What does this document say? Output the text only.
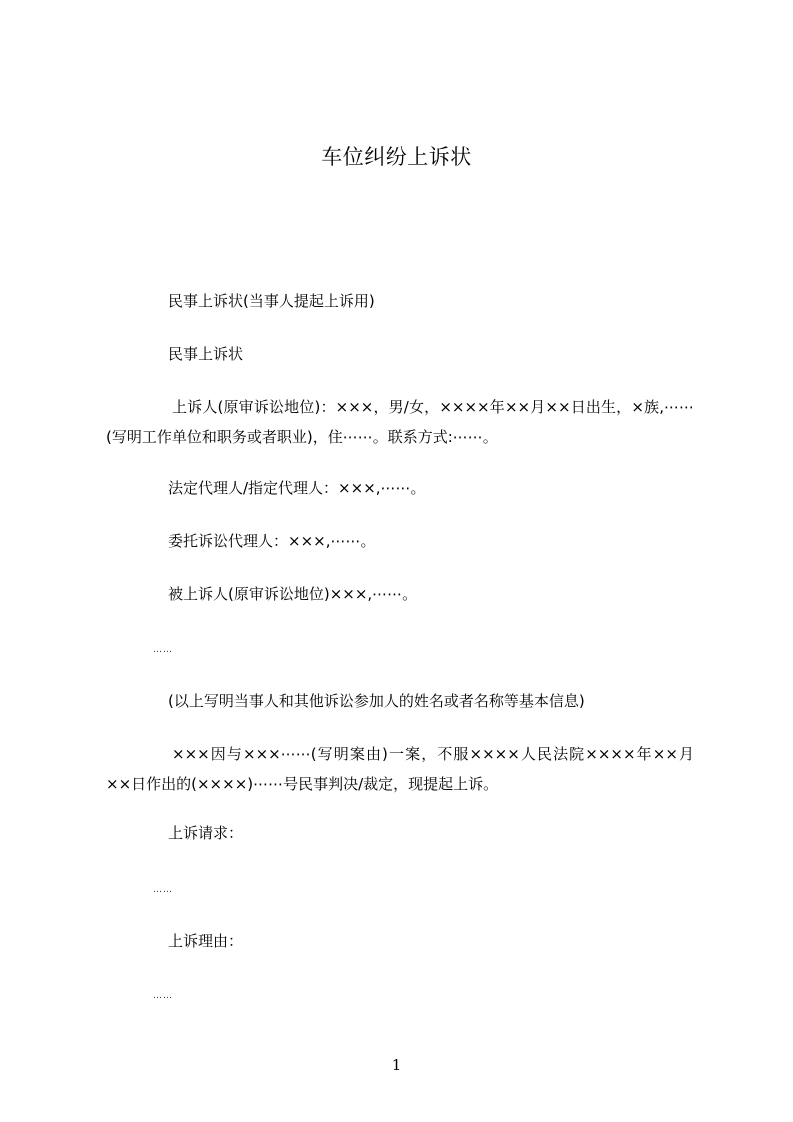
车位纠纷上诉状
民事上诉状(当事人提起上诉用)
民事上诉状
上诉人(原审诉讼地位)：×××，男/女，××××年××月××日出生，×族,⋯⋯(写明工作单位和职务或者职业)，住⋯⋯。联系方式:⋯⋯。
法定代理人/指定代理人：×××,⋯⋯。
委托诉讼代理人：×××,⋯⋯。
被上诉人(原审诉讼地位)×××,⋯⋯。
……
(以上写明当事人和其他诉讼参加人的姓名或者名称等基本信息)
×××因与×××⋯⋯(写明案由)一案，不服××××人民法院××××年××月××日作出的(××××)⋯⋯号民事判决/裁定，现提起上诉。
上诉请求：
……
上诉理由：
……
1
